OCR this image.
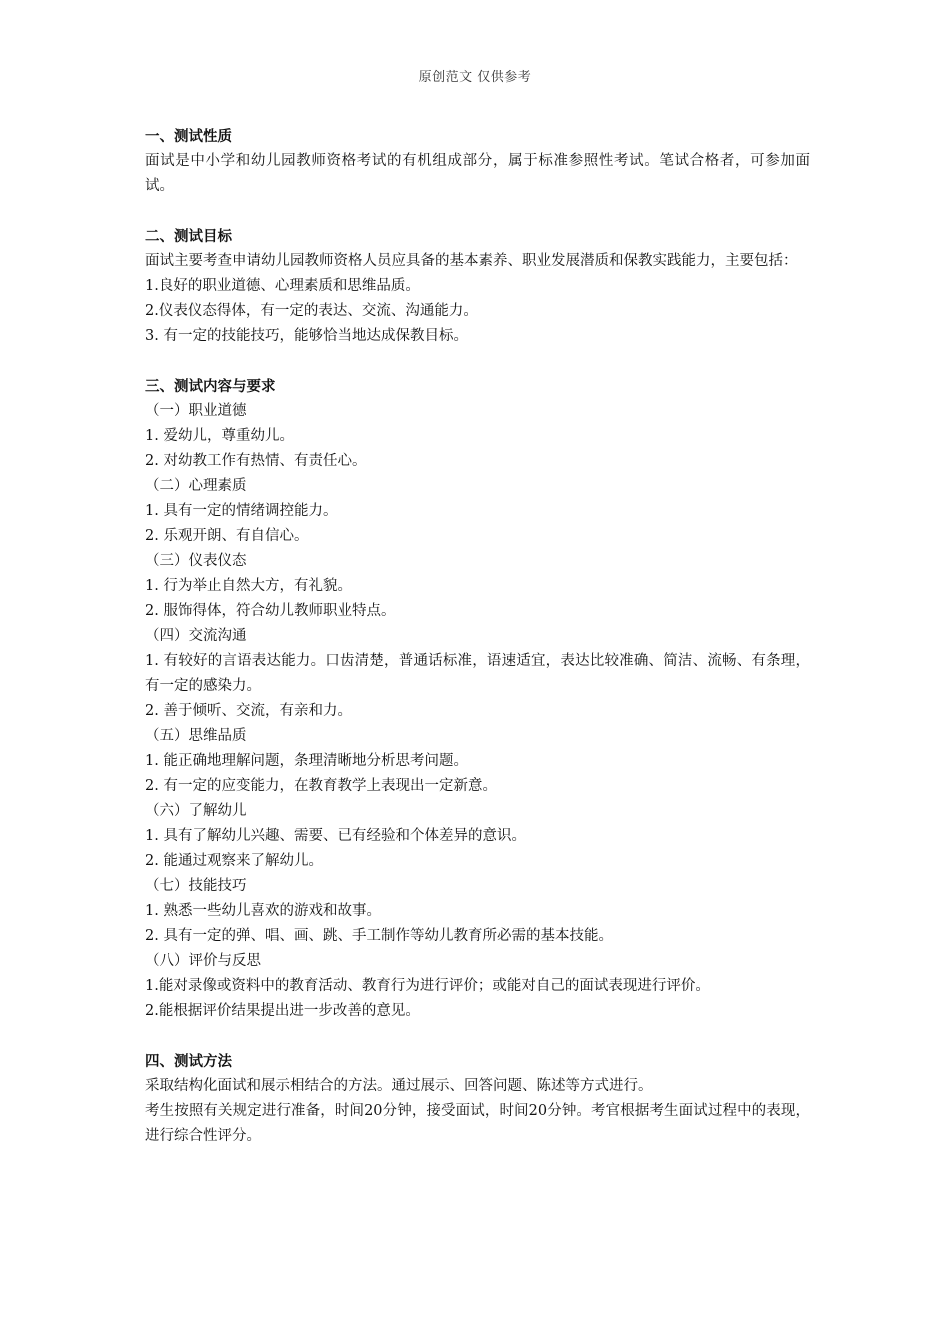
原创范文 仅供参考

一、测试性质

面试是中小学和幼儿园教师资格考试的有机组成部分，属于标准参照性考试。笔试合格者，可参加面试。

二、测试目标

面试主要考查申请幼儿园教师资格人员应具备的基本素养、职业发展潜质和保教实践能力，主要包括：

1.良好的职业道德、心理素质和思维品质。

2.仪表仪态得体，有一定的表达、交流、沟通能力。

3. 有一定的技能技巧，能够恰当地达成保教目标。

三、测试内容与要求

（一）职业道德

1. 爱幼儿，尊重幼儿。

2. 对幼教工作有热情、有责任心。

（二）心理素质

1. 具有一定的情绪调控能力。

2. 乐观开朗、有自信心。

（三）仪表仪态

1. 行为举止自然大方，有礼貌。

2. 服饰得体，符合幼儿教师职业特点。

（四）交流沟通

1. 有较好的言语表达能力。口齿清楚，普通话标准，语速适宜，表达比较准确、简洁、流畅、有条理，有一定的感染力。

2. 善于倾听、交流，有亲和力。

（五）思维品质

1. 能正确地理解问题，条理清晰地分析思考问题。

2. 有一定的应变能力，在教育教学上表现出一定新意。

（六）了解幼儿

1. 具有了解幼儿兴趣、需要、已有经验和个体差异的意识。

2. 能通过观察来了解幼儿。

（七）技能技巧

1. 熟悉一些幼儿喜欢的游戏和故事。

2. 具有一定的弹、唱、画、跳、手工制作等幼儿教育所必需的基本技能。

（八）评价与反思

1.能对录像或资料中的教育活动、教育行为进行评价；或能对自己的面试表现进行评价。

2.能根据评价结果提出进一步改善的意见。

四、测试方法

采取结构化面试和展示相结合的方法。通过展示、回答问题、陈述等方式进行。

考生按照有关规定进行准备，时间20分钟，接受面试，时间20分钟。考官根据考生面试过程中的表现，进行综合性评分。
